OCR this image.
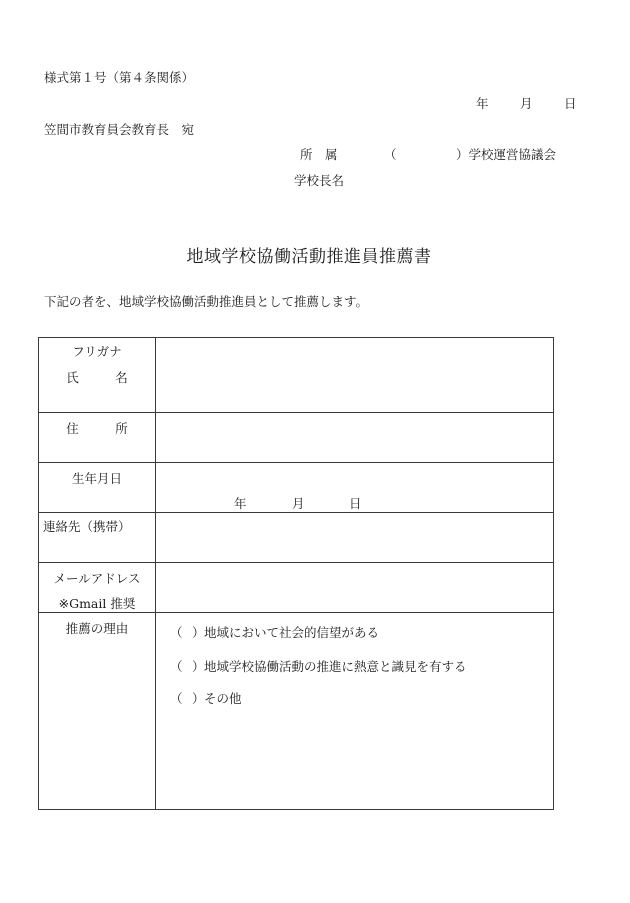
様式第１号（第４条関係）
年	月	日
笠間市教育員会教育長　宛
所　属	（	）学校運営協議会
学校長名
地域学校協働活動推進員推薦書
下記の者を、地域学校協働活動推進員として推薦します。
フリガナ
氏　名	

住　所	

生年月日	年 月 日

連絡先（携帯）	

メールアドレス
※Gmail 推奨	

推薦の理由	（ ）地域において社会的信望がある
（ ）地域学校協働活動の推進に熱意と識見を有する
（ ）その他
